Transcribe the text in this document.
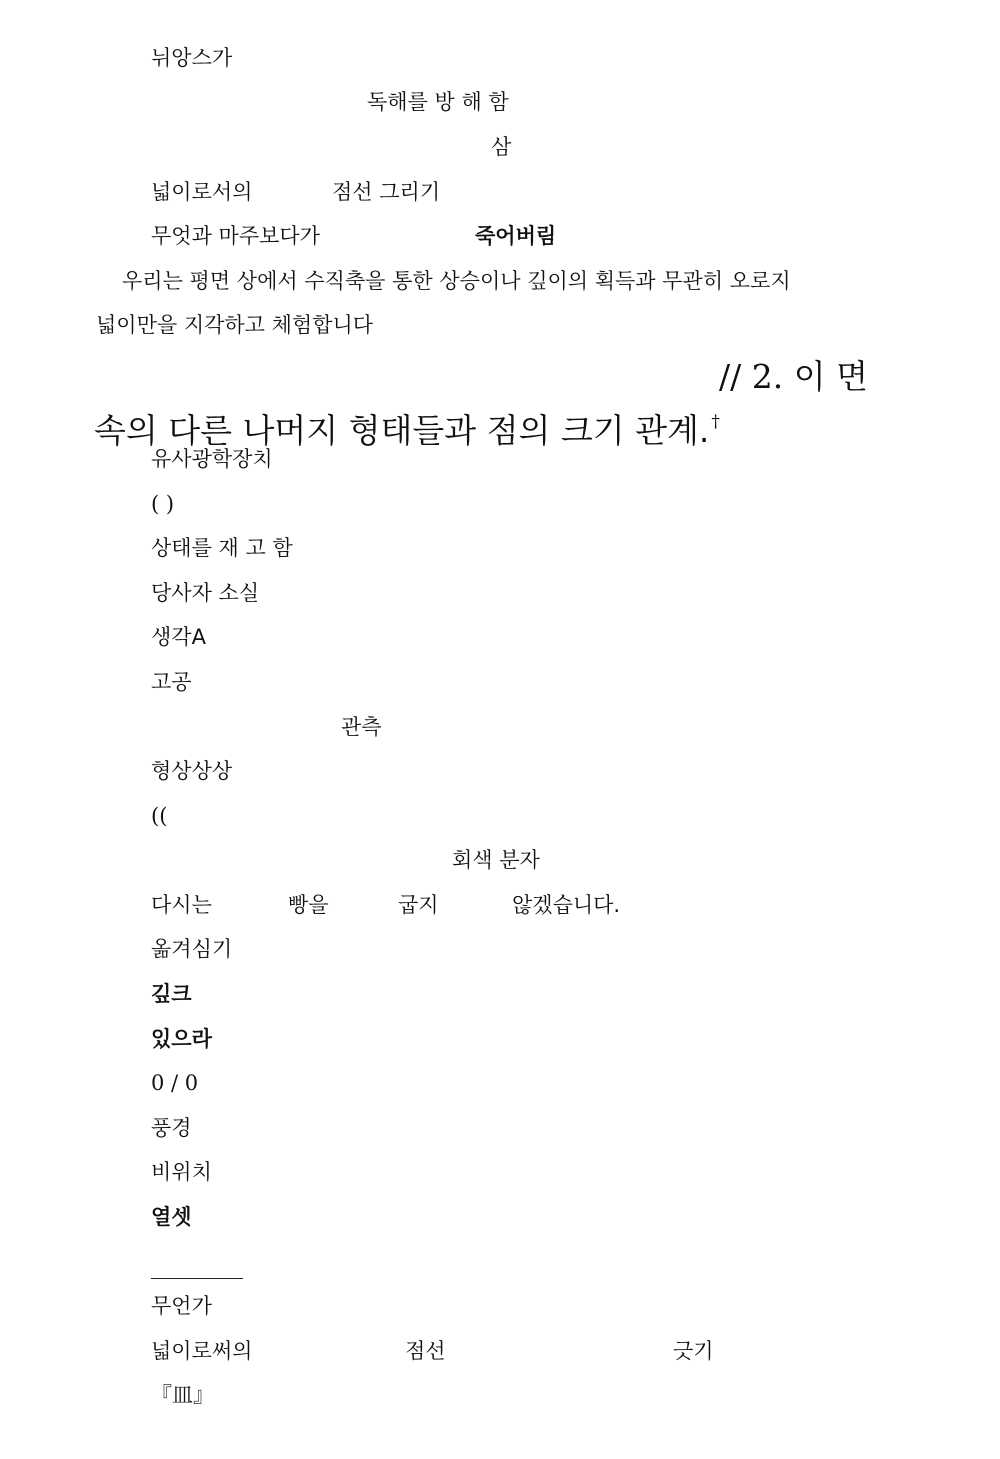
뉘앙스가
독해를 방 해 함
삼
넓이로서의	점선 그리기
무엇과 마주보다가	죽어버림
우리는 평면 상에서 수직축을 통한 상승이나 깊이의 획득과 무관히 오로지
넓이만을 지각하고 체험합니다
// 2. 이 면
속의 다른 나머지 형태들과 점의 크기 관계. †
유사광학장치
( )
상태를 재 고 함
당사자 소실
생각A
고공
관측
형상상상
((
회색 분자
다시는	빵을	굽지	않겠습니다.
옮겨심기
깊크
있으라
0 / 0
풍경
비위치
열셋
무언가
넓이로써의	점선	긋기
『皿』
